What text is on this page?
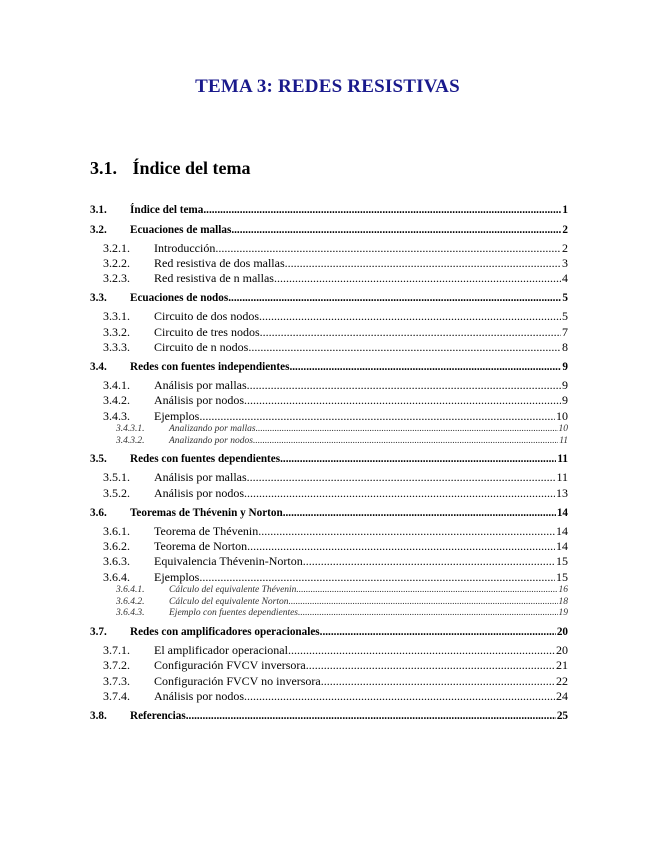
TEMA 3: REDES RESISTIVAS
3.1. Índice del tema
3.1.	Índice del tema .....	1
3.2.	Ecuaciones de mallas .....	2
3.2.1.	Introducción .....	2
3.2.2.	Red resistiva de dos mallas .....	3
3.2.3.	Red resistiva de n mallas .....	4
3.3.	Ecuaciones de nodos .....	5
3.3.1.	Circuito de dos nodos .....	5
3.3.2.	Circuito de tres nodos .....	7
3.3.3.	Circuito de n nodos .....	8
3.4.	Redes con fuentes independientes .....	9
3.4.1.	Análisis por mallas .....	9
3.4.2.	Análisis por nodos .....	9
3.4.3.	Ejemplos .....	10
3.4.3.1.	Analizando por mallas .....	10
3.4.3.2.	Analizando por nodos .....	11
3.5.	Redes con fuentes dependientes .....	11
3.5.1.	Análisis por mallas .....	11
3.5.2.	Análisis por nodos .....	13
3.6.	Teoremas de Thévenin y Norton .....	14
3.6.1.	Teorema de Thévenin .....	14
3.6.2.	Teorema de Norton .....	14
3.6.3.	Equivalencia Thévenin-Norton .....	15
3.6.4.	Ejemplos .....	15
3.6.4.1.	Cálculo del equivalente Thévenin .....	16
3.6.4.2.	Cálculo del equivalente Norton .....	18
3.6.4.3.	Ejemplo con fuentes dependientes .....	19
3.7.	Redes con amplificadores operacionales .....	20
3.7.1.	El amplificador operacional .....	20
3.7.2.	Configuración FVCV inversora .....	21
3.7.3.	Configuración FVCV no inversora .....	22
3.7.4.	Análisis por nodos .....	24
3.8.	Referencias .....	25
